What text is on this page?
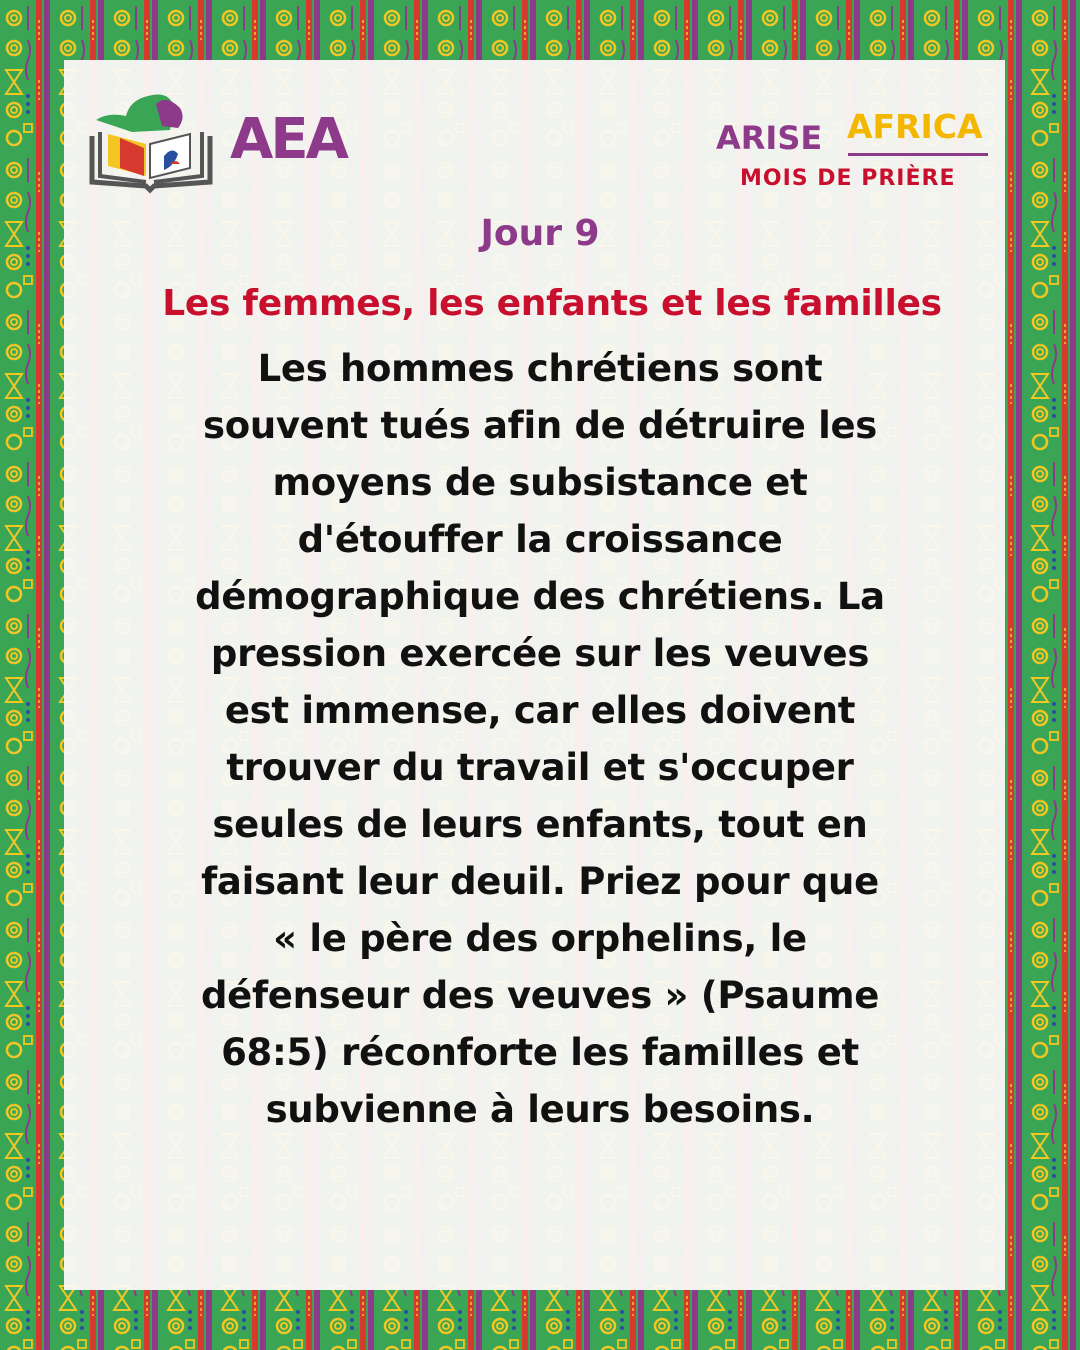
AEA	ARISE AFRICA
MOIS DE PRIÈRE
Jour 9
Les femmes, les enfants et les familles

Les hommes chrétiens sont souvent tués afin de détruire les moyens de subsistance et d'étouffer la croissance démographique des chrétiens. La pression exercée sur les veuves est immense, car elles doivent trouver du travail et s'occuper seules de leurs enfants, tout en faisant leur deuil. Priez pour que « le père des orphelins, le défenseur des veuves » (Psaume 68:5) réconforte les familles et subvienne à leurs besoins.
